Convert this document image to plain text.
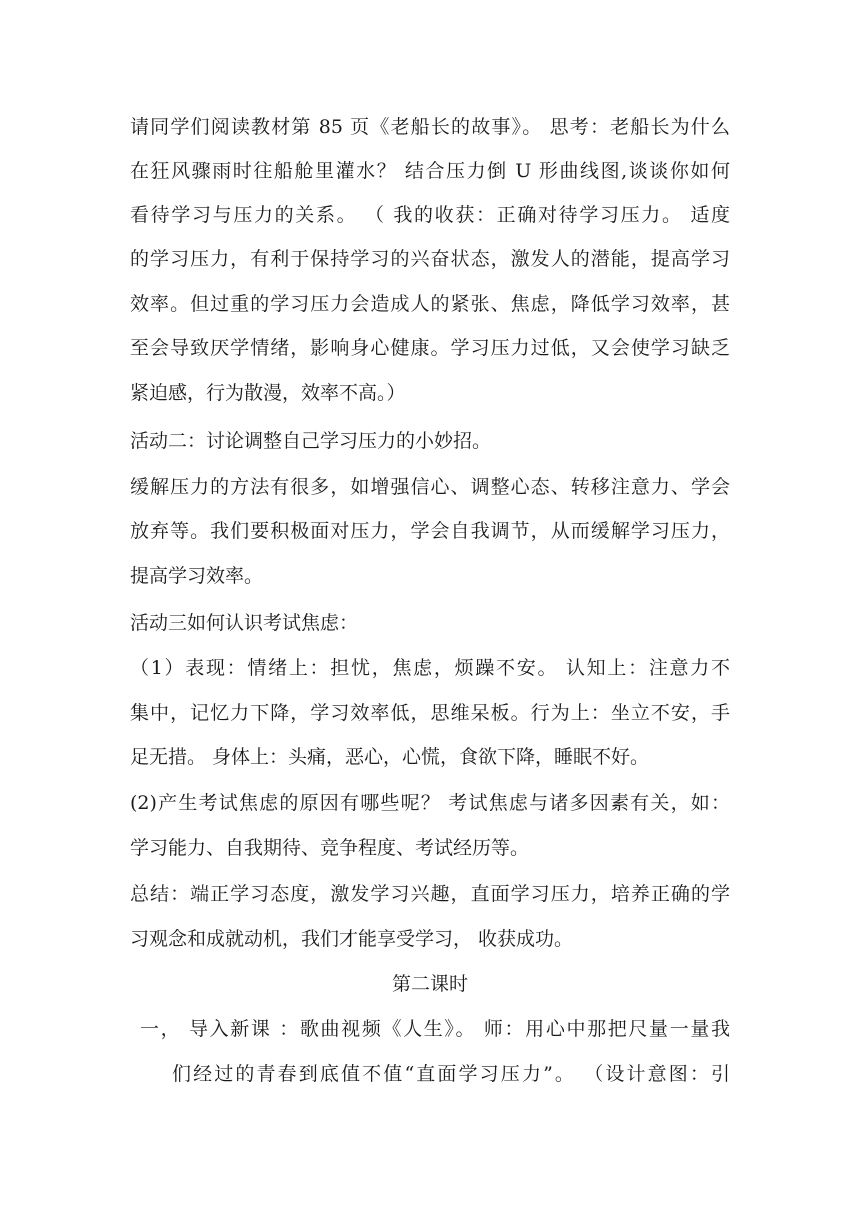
请同学们阅读教材第 85 页《老船长的故事》。 思考：老船长为什么
在狂风骤雨时往船舱里灌水？ 结合压力倒 U 形曲线图,谈谈你如何
看待学习与压力的关系。 （ 我的收获：正确对待学习压力。 适度
的学习压力，有利于保持学习的兴奋状态，激发人的潜能，提高学习
效率。但过重的学习压力会造成人的紧张、焦虑，降低学习效率，甚
至会导致厌学情绪，影响身心健康。学习压力过低，又会使学习缺乏
紧迫感，行为散漫，效率不高。）
活动二：讨论调整自己学习压力的小妙招。
缓解压力的方法有很多，如增强信心、调整心态、转移注意力、学会
放弃等。我们要积极面对压力，学会自我调节，从而缓解学习压力，
提高学习效率。
活动三如何认识考试焦虑：
（1）表现：情绪上：担忧，焦虑，烦躁不安。 认知上：注意力不
集中，记忆力下降，学习效率低，思维呆板。行为上：坐立不安，手
足无措。 身体上：头痛，恶心，心慌，食欲下降，睡眠不好。
(2)产生考试焦虑的原因有哪些呢？ 考试焦虑与诸多因素有关，如：
学习能力、自我期待、竞争程度、考试经历等。
总结：端正学习态度，激发学习兴趣，直面学习压力，培养正确的学
习观念和成就动机，我们才能享受学习， 收获成功。
第二课时
一， 导入新课 ：歌曲视频《人生》。 师：用心中那把尺量一量我
们经过的青春到底值不值“直面学习压力”。 （设计意图：引
